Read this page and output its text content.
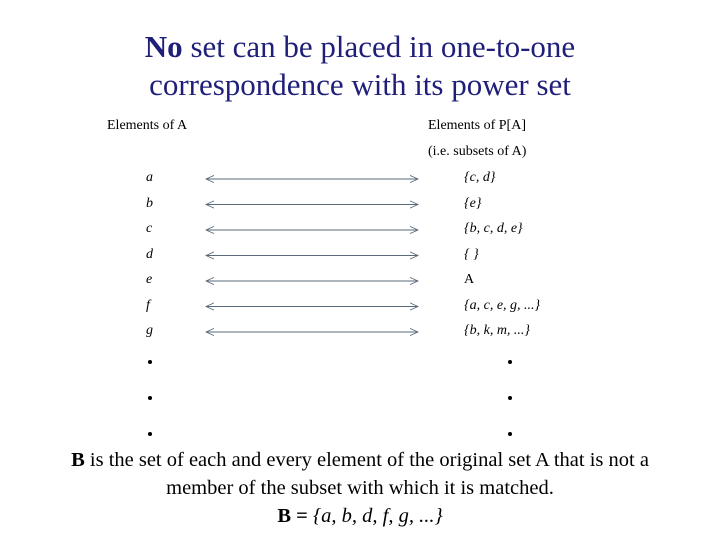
No set can be placed in one-to-one
correspondence with its power set
Elements of A	Elements of P[A]
(i.e. subsets of A)
a	{c, d}
b	{e}
c	{b, c, d, e}
d	{ }
e	A
f	{a, c, e, g, ...}
g	{b, k, m, ...}
B is the set of each and every element of the original set A that is not a
member of the subset with which it is matched.
B = {a, b, d, f, g, ...}
